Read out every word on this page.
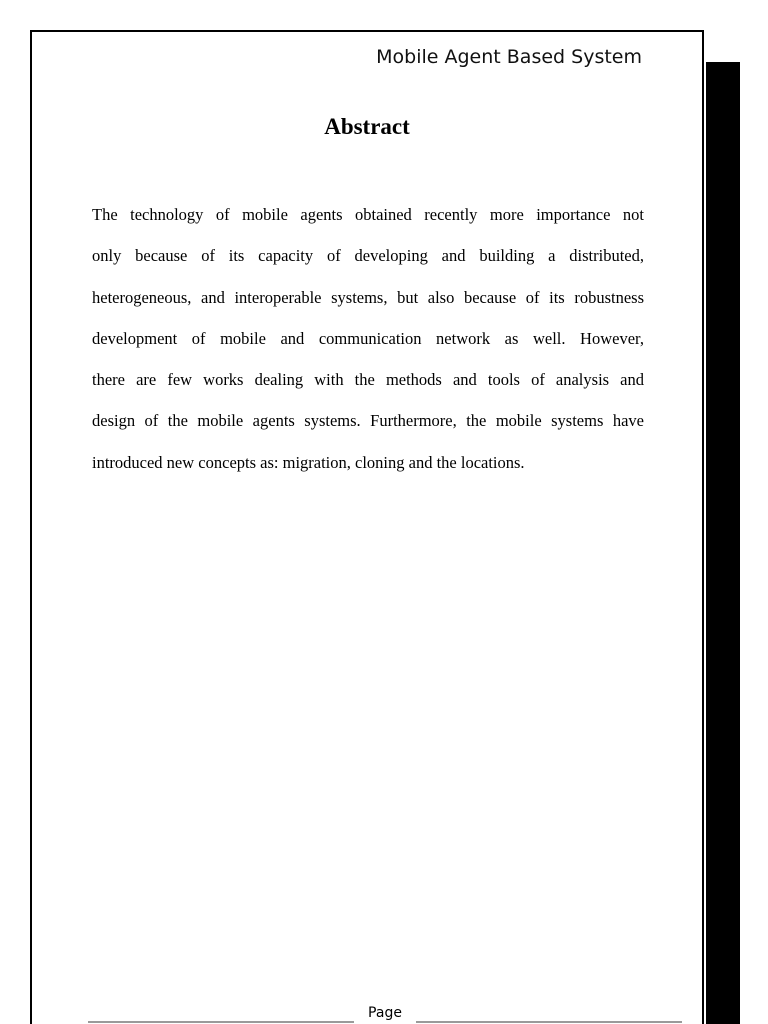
Mobile Agent Based System
Abstract

The technology of mobile agents obtained recently more importance not
only because of its capacity of developing and building a distributed,
heterogeneous, and interoperable systems, but also because of its robustness
development of mobile and communication network as well. However,
there are few works dealing with the methods and tools of analysis and
design of the mobile agents systems. Furthermore, the mobile systems have
introduced new concepts as: migration, cloning and the locations.

Page
